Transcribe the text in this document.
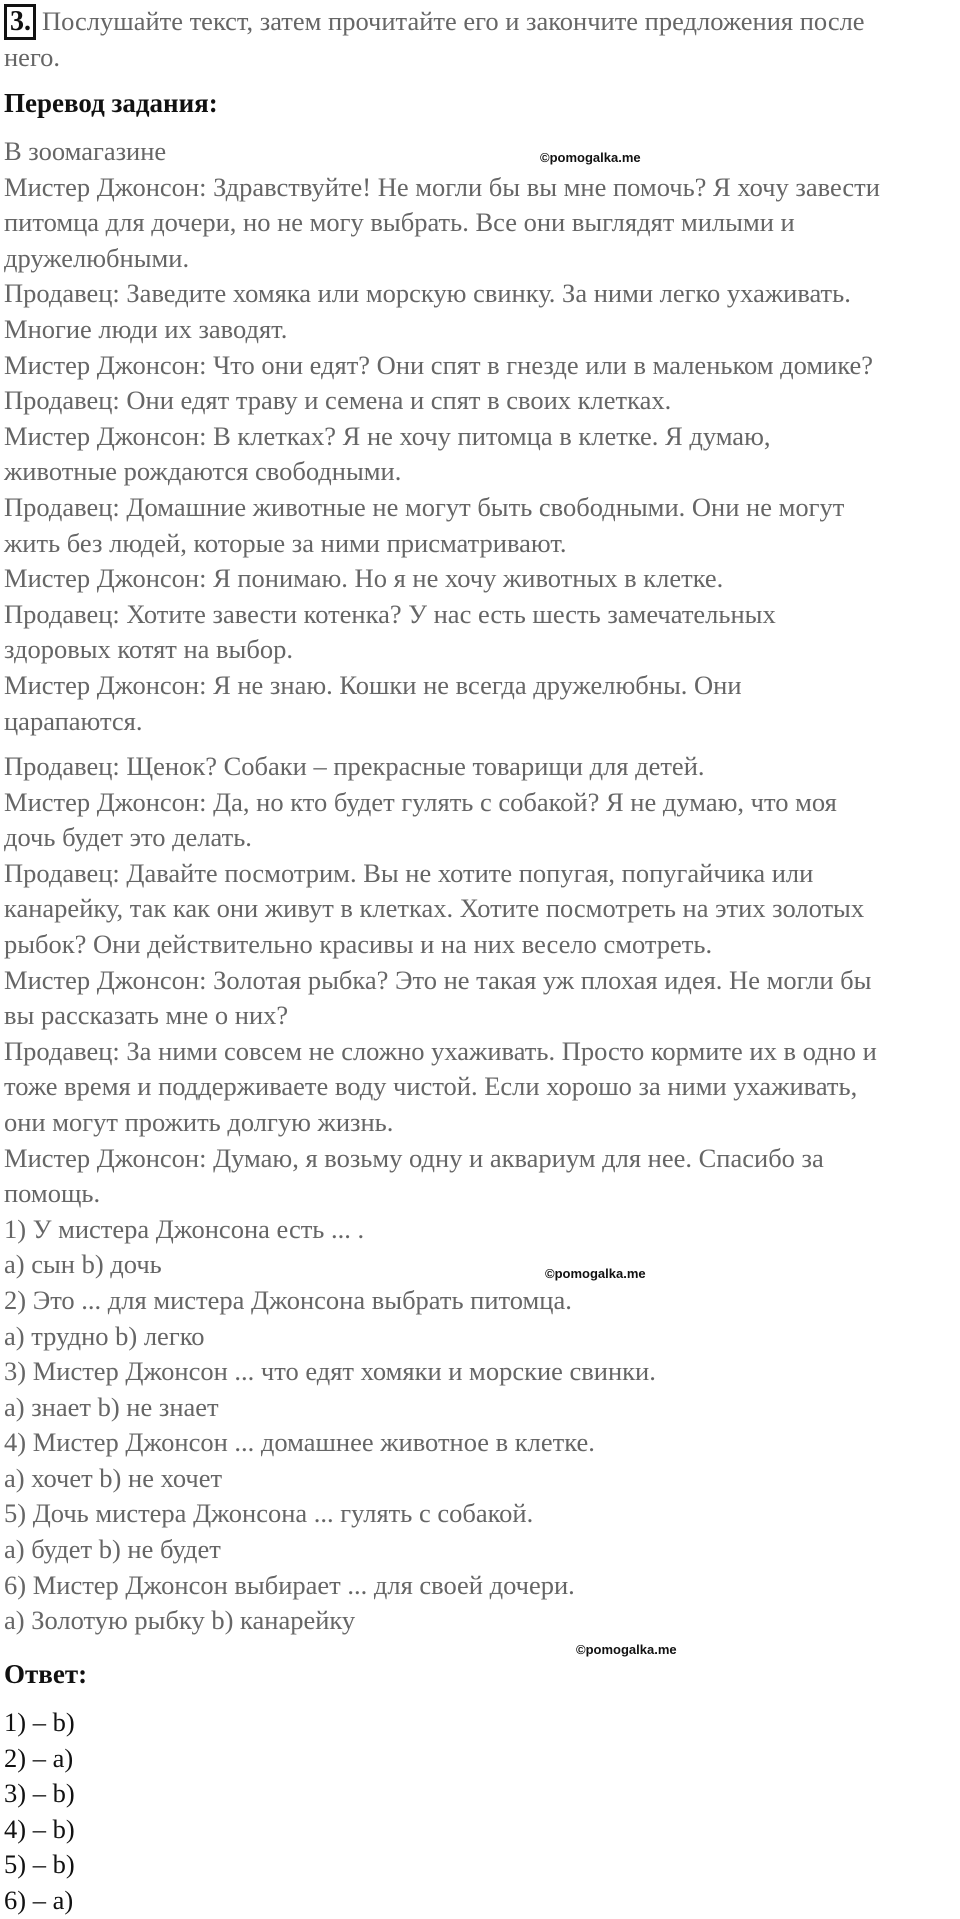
3. Послушайте текст, затем прочитайте его и закончите предложения после
него.
Перевод задания:
©pomogalka.me
В зоомагазине
Мистер Джонсон: Здравствуйте! Не могли бы вы мне помочь? Я хочу завести
питомца для дочери, но не могу выбрать. Все они выглядят милыми и
дружелюбными.
Продавец: Заведите хомяка или морскую свинку. За ними легко ухаживать.
Многие люди их заводят.
Мистер Джонсон: Что они едят? Они спят в гнезде или в маленьком домике?
Продавец: Они едят траву и семена и спят в своих клетках.
Мистер Джонсон: В клетках? Я не хочу питомца в клетке. Я думаю,
животные рождаются свободными.
Продавец: Домашние животные не могут быть свободными. Они не могут
жить без людей, которые за ними присматривают.
Мистер Джонсон: Я понимаю. Но я не хочу животных в клетке.
Продавец: Хотите завести котенка? У нас есть шесть замечательных
здоровых котят на выбор.
Мистер Джонсон: Я не знаю. Кошки не всегда дружелюбны. Они
царапаются.
Продавец: Щенок? Собаки – прекрасные товарищи для детей.
Мистер Джонсон: Да, но кто будет гулять с собакой? Я не думаю, что моя
дочь будет это делать.
Продавец: Давайте посмотрим. Вы не хотите попугая, попугайчика или
канарейку, так как они живут в клетках. Хотите посмотреть на этих золотых
рыбок? Они действительно красивы и на них весело смотреть.
Мистер Джонсон: Золотая рыбка? Это не такая уж плохая идея. Не могли бы
вы рассказать мне о них?
Продавец: За ними совсем не сложно ухаживать. Просто кормите их в одно и
тоже время и поддерживаете воду чистой. Если хорошо за ними ухаживать,
они могут прожить долгую жизнь.
Мистер Джонсон: Думаю, я возьму одну и аквариум для нее. Спасибо за
помощь.
1) У мистера Джонсона есть ... .
a) сын b) дочь
2) Это ... для мистера Джонсона выбрать питомца.
a) трудно b) легко
3) Мистер Джонсон ... что едят хомяки и морские свинки.
a) знает b) не знает
4) Мистер Джонсон ... домашнее животное в клетке.
a) хочет b) не хочет
5) Дочь мистера Джонсона ... гулять с собакой.
a) будет b) не будет
6) Мистер Джонсон выбирает ... для своей дочери.
a) Золотую рыбку b) канарейку
©pomogalka.me
©pomogalka.me
Ответ:
1) – b)
2) – a)
3) – b)
4) – b)
5) – b)
6) – a)
